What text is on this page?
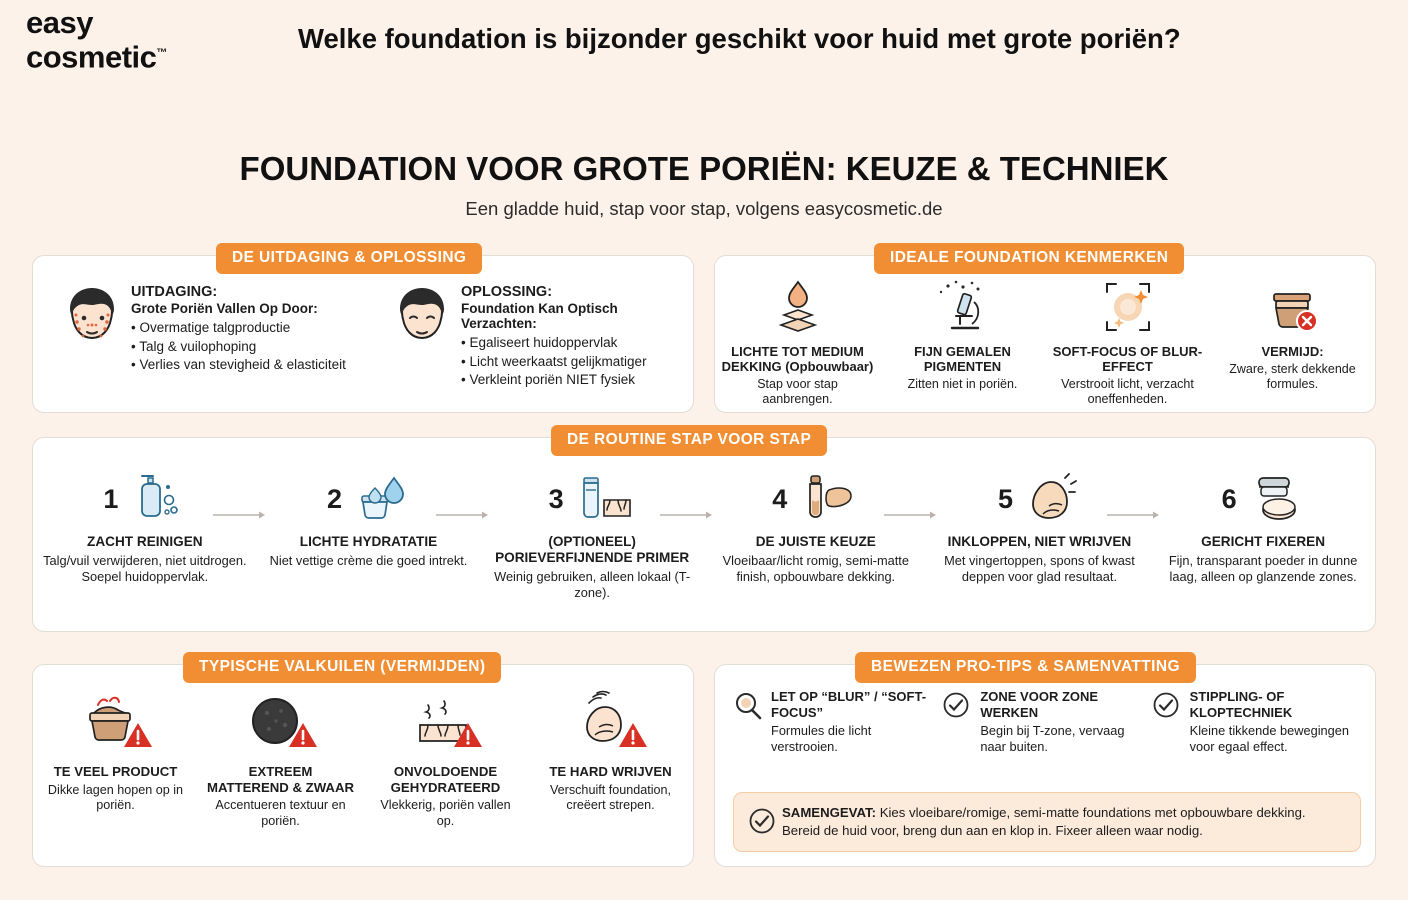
easy
cosmetic™	Welke foundation is bijzonder geschikt voor huid met grote poriën?
FOUNDATION VOOR GROTE PORIËN: KEUZE & TECHNIEK
Een gladde huid, stap voor stap, volgens easycosmetic.de
DE UITDAGING & OPLOSSING
UITDAGING:
Grote Poriën Vallen Op Door:
• Overmatige talgproductie
• Talg & vuilophoping
• Verlies van stevigheid & elasticiteit
OPLOSSING:
Foundation Kan Optisch Verzachten:
• Egaliseert huidoppervlak
• Licht weerkaatst gelijkmatiger
• Verkleint poriën NIET fysiek
IDEALE FOUNDATION KENMERKEN
LICHTE TOT MEDIUM DEKKING (Opbouwbaar)
Stap voor stap aanbrengen.
FIJN GEMALEN PIGMENTEN
Zitten niet in poriën.
SOFT-FOCUS OF BLUR-EFFECT
Verstrooit licht, verzacht oneffenheden.
VERMIJD:
Zware, sterk dekkende formules.
DE ROUTINE STAP VOOR STAP
1
ZACHT REINIGEN
Talg/vuil verwijderen, niet uitdrogen. Soepel huidoppervlak.
2
LICHTE HYDRATATIE
Niet vettige crème die goed intrekt.
3
(OPTIONEEL) PORIEVERFIJNENDE PRIMER
Weinig gebruiken, alleen lokaal (T-zone).
4
DE JUISTE KEUZE
Vloeibaar/licht romig, semi-matte finish, opbouwbare dekking.
5
INKLOPPEN, NIET WRIJVEN
Met vingertoppen, spons of kwast deppen voor glad resultaat.
6
GERICHT FIXEREN
Fijn, transparant poeder in dunne laag, alleen op glanzende zones.
TYPISCHE VALKUILEN (VERMIJDEN)
TE VEEL PRODUCT
Dikke lagen hopen op in poriën.
EXTREEM MATTEREND & ZWAAR
Accentueren textuur en poriën.
ONVOLDOENDE GEHYDRATEERD
Vlekkerig, poriën vallen op.
TE HARD WRIJVEN
Verschuift foundation, creëert strepen.
BEWEZEN PRO-TIPS & SAMENVATTING
LET OP “BLUR” / “SOFT-FOCUS”
Formules die licht verstrooien.
ZONE VOOR ZONE WERKEN
Begin bij T-zone, vervaag naar buiten.
STIPPLING- OF KLOPTECHNIEK
Kleine tikkende bewegingen voor egaal effect.
SAMENGEVAT: Kies vloeibare/romige, semi-matte foundations met opbouwbare dekking. Bereid de huid voor, breng dun aan en klop in. Fixeer alleen waar nodig.
